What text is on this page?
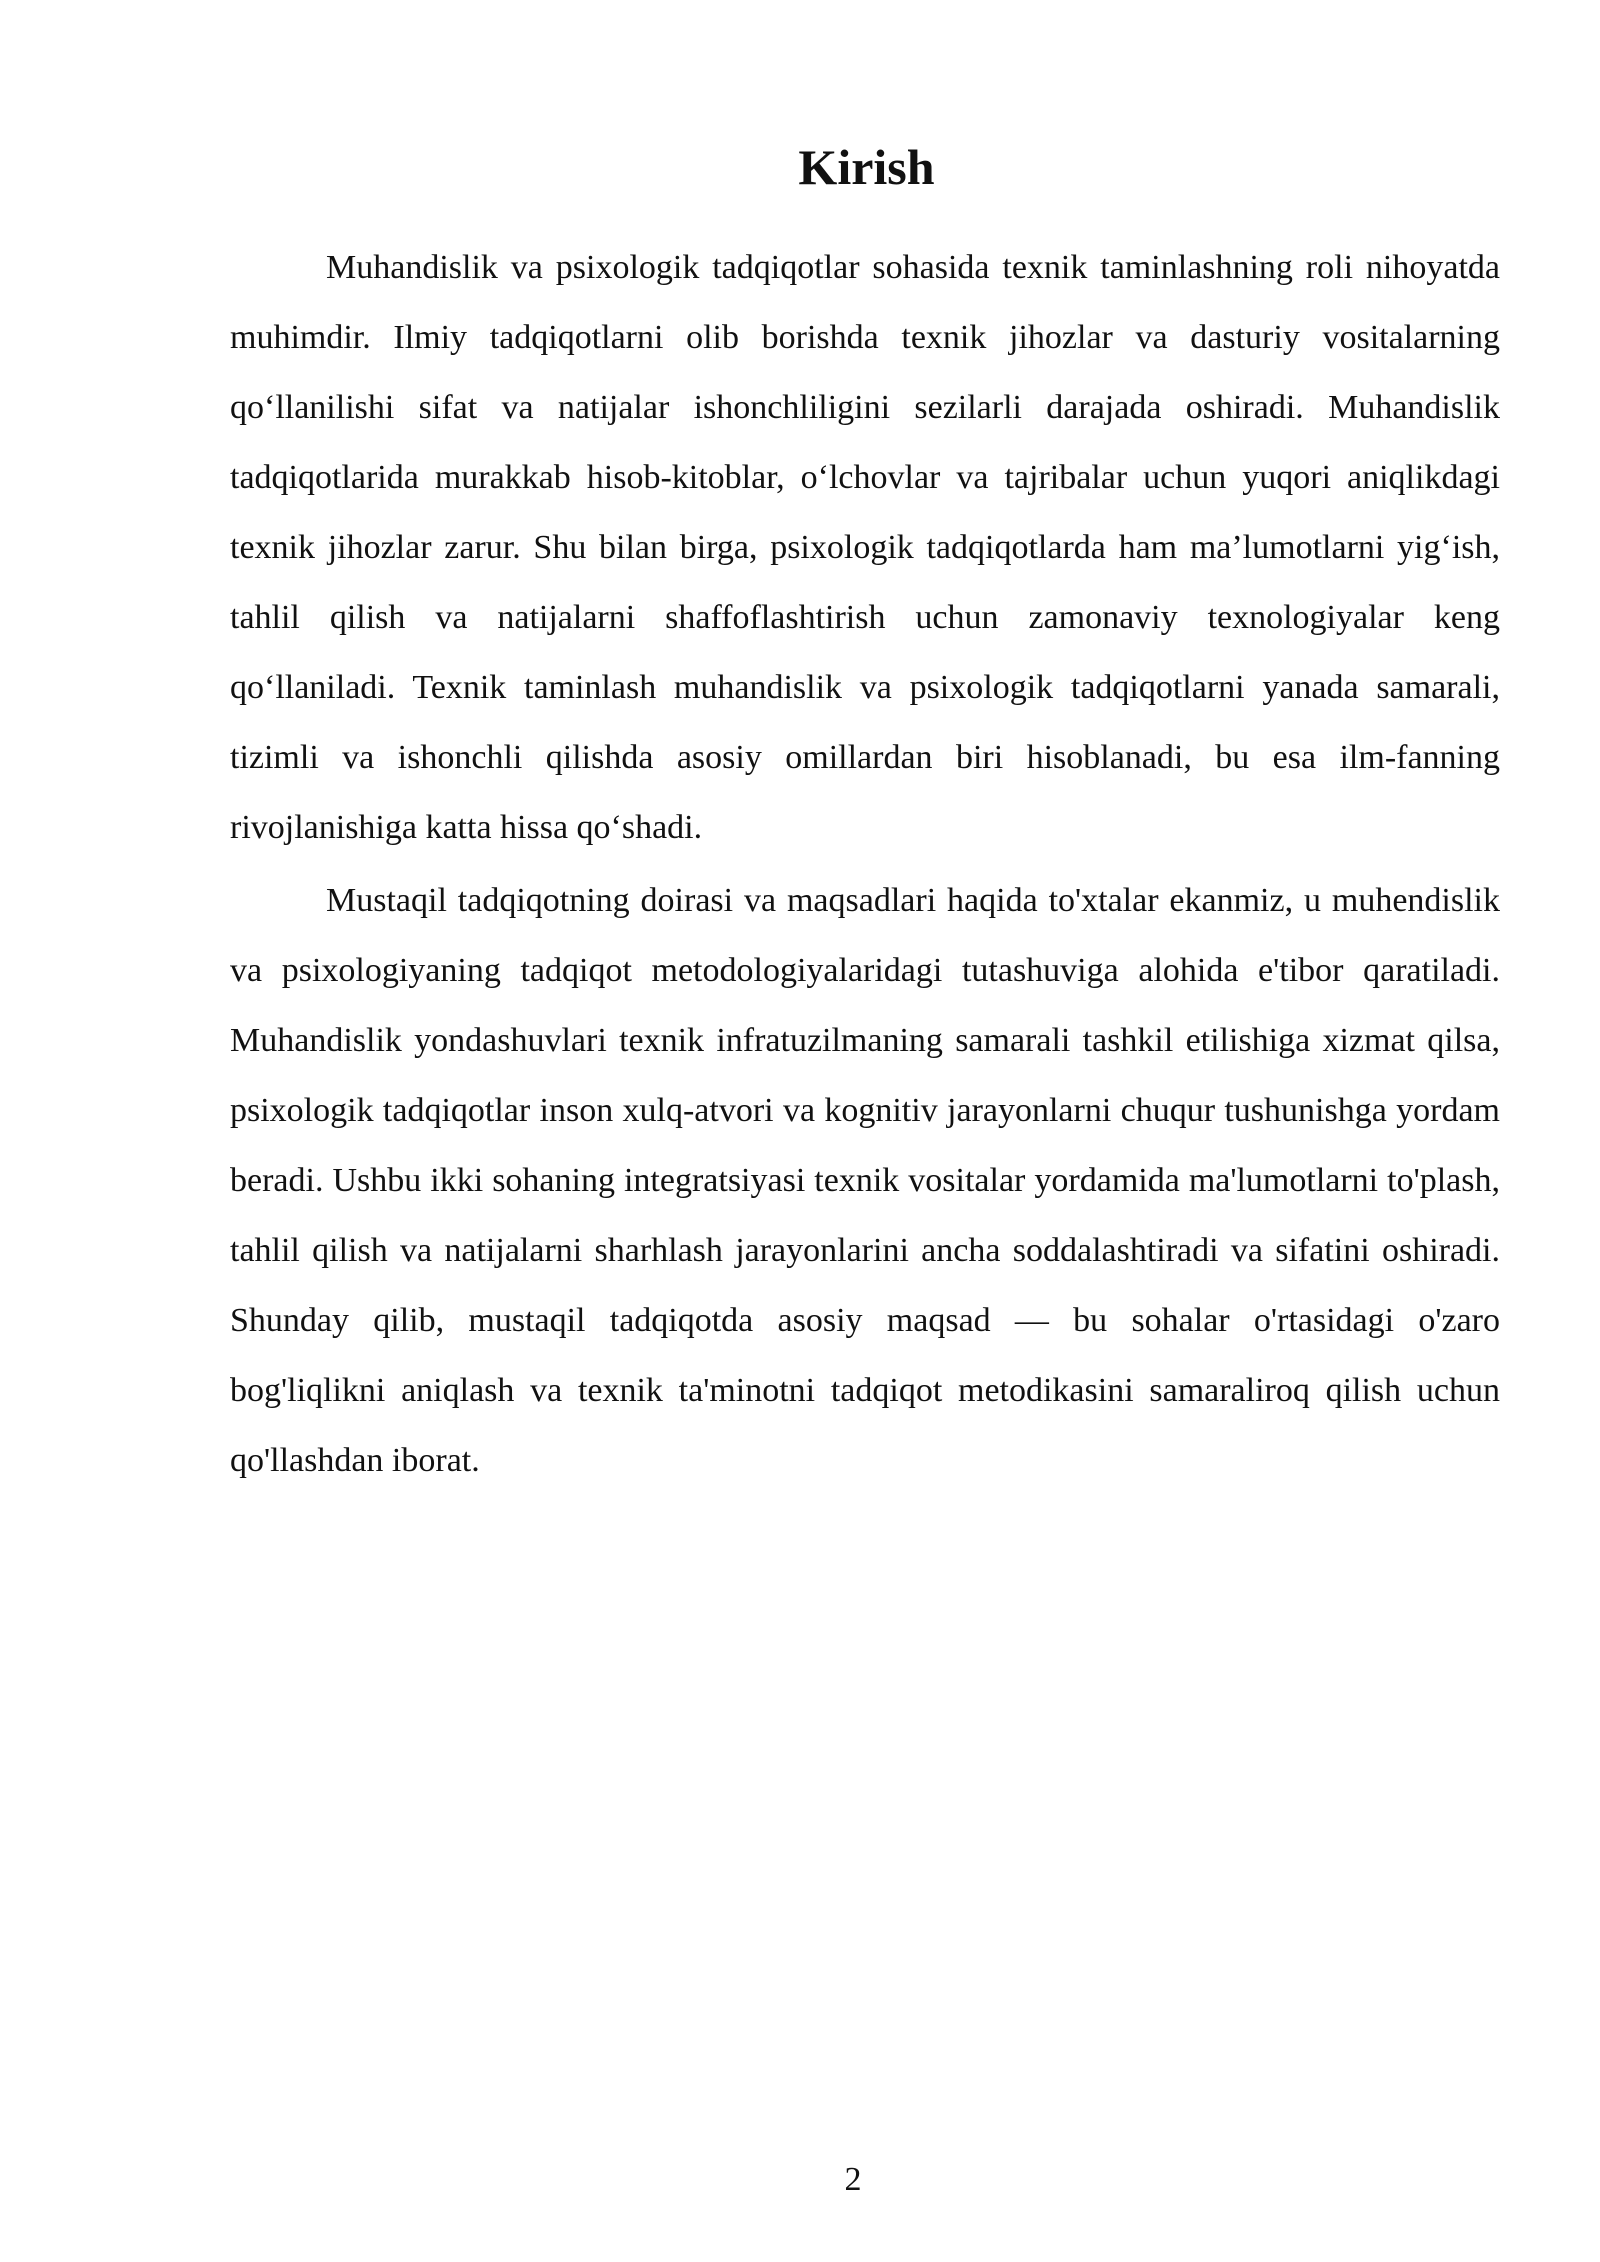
Kirish

Muhandislik va psixologik tadqiqotlar sohasida texnik taminlashning roli nihoyatda muhimdir. Ilmiy tadqiqotlarni olib borishda texnik jihozlar va dasturiy vositalarning qo‘llanilishi sifat va natijalar ishonchliligini sezilarli darajada oshiradi. Muhandislik tadqiqotlarida murakkab hisob-kitoblar, o‘lchovlar va tajribalar uchun yuqori aniqlikdagi texnik jihozlar zarur. Shu bilan birga, psixologik tadqiqotlarda ham ma’lumotlarni yig‘ish, tahlil qilish va natijalarni shaffoflashtirish uchun zamonaviy texnologiyalar keng qo‘llaniladi. Texnik taminlash muhandislik va psixologik tadqiqotlarni yanada samarali, tizimli va ishonchli qilishda asosiy omillardan biri hisoblanadi, bu esa ilm-fanning rivojlanishiga katta hissa qo‘shadi.

Mustaqil tadqiqotning doirasi va maqsadlari haqida to'xtalar ekanmiz, u muhendislik va psixologiyaning tadqiqot metodologiyalaridagi tutashuviga alohida e'tibor qaratiladi. Muhandislik yondashuvlari texnik infratuzilmaning samarali tashkil etilishiga xizmat qilsa, psixologik tadqiqotlar inson xulq-atvori va kognitiv jarayonlarni chuqur tushunishga yordam beradi. Ushbu ikki sohaning integratsiyasi texnik vositalar yordamida ma'lumotlarni to'plash, tahlil qilish va natijalarni sharhlash jarayonlarini ancha soddalashtiradi va sifatini oshiradi. Shunday qilib, mustaqil tadqiqotda asosiy maqsad — bu sohalar o'rtasidagi o'zaro bog'liqlikni aniqlash va texnik ta'minotni tadqiqot metodikasini samaraliroq qilish uchun qo'llashdan iborat.

2
